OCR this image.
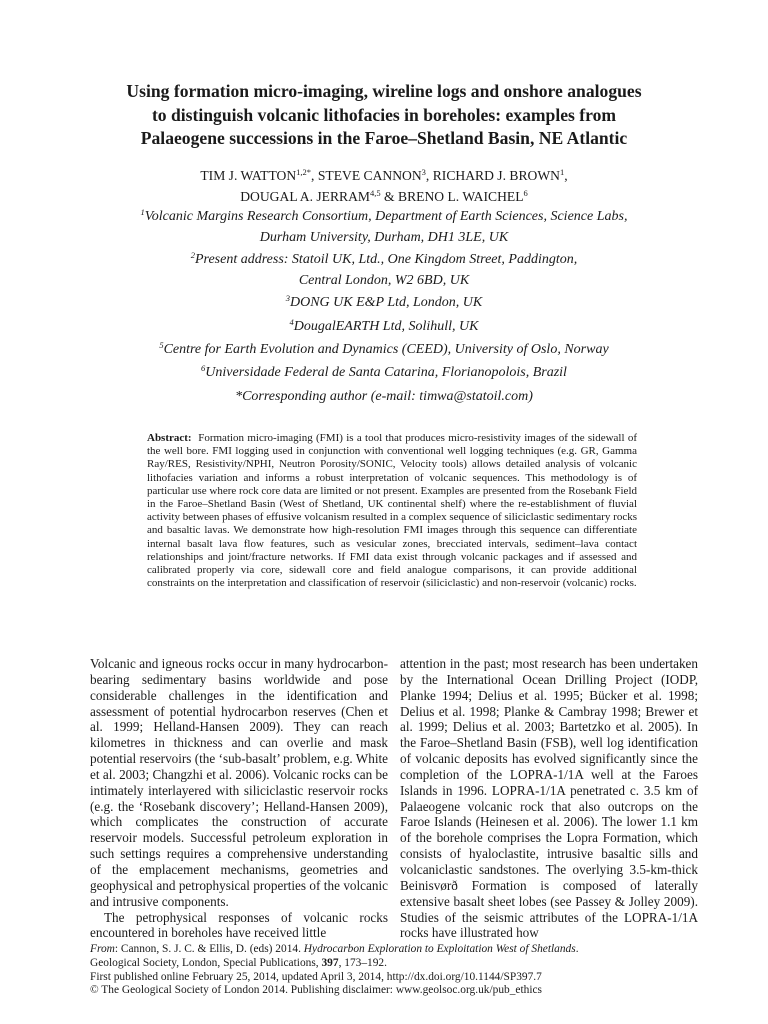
Using formation micro-imaging, wireline logs and onshore analogues
to distinguish volcanic lithofacies in boreholes: examples from
Palaeogene successions in the Faroe–Shetland Basin, NE Atlantic
TIM J. $WATTON^{1,2*}$, STEVE CANNON$^3$, RICHARD J. BROWN$^1$,
DOUGAL A. JERRAM$^{4,5}$ & BRENO L. WAICHEL$^6$
$^1$Volcanic Margins Research Consortium, Department of Earth Sciences, Science Labs,
Durham University, Durham, DH1 3LE, UK
$^2$Present address: Statoil UK, Ltd., One Kingdom Street, Paddington,
Central London, W2 6BD, UK
$^3$DONG UK E&P Ltd, London, UK
$^4$DougalEARTH Ltd, Solihull, UK
$^5$Centre for Earth Evolution and Dynamics (CEED), University of Oslo, Norway
$^6$Universidade Federal de Santa Catarina, Florianopolois, Brazil
*Corresponding author (e-mail: timwa@statoil.com)
Abstract: Formation micro-imaging (FMI) is a tool that produces micro-resistivity images of the sidewall of the well bore. FMI logging used in conjunction with conventional well logging techniques (e.g. GR, Gamma Ray/RES, Resistivity/NPHI, Neutron Porosity/SONIC, Velocity tools) allows detailed analysis of volcanic lithofacies variation and informs a robust interpretation of volcanic sequences. This methodology is of particular use where rock core data are limited or not present. Examples are presented from the Rosebank Field in the Faroe–Shetland Basin (West of Shetland, UK continental shelf) where the re-establishment of fluvial activity between phases of effusive volcanism resulted in a complex sequence of siliciclastic sedimentary rocks and basaltic lavas. We demonstrate how high-resolution FMI images through this sequence can differentiate internal basalt lava flow features, such as vesicular zones, brecciated intervals, sediment–lava contact relationships and joint/fracture networks. If FMI data exist through volcanic packages and if assessed and calibrated properly via core, sidewall core and field analogue comparisons, it can provide additional constraints on the interpretation and classification of reservoir (siliciclastic) and non-reservoir (volcanic) rocks.

Volcanic and igneous rocks occur in many hydrocarbon-bearing sedimentary basins worldwide and pose considerable challenges in the identification and assessment of potential hydrocarbon reserves (Chen et al. 1999; Helland-Hansen 2009). They can reach kilometres in thickness and can overlie and mask potential reservoirs (the ‘sub-basalt’ problem, e.g. White et al. 2003; Changzhi et al. 2006). Volcanic rocks can be intimately interlayered with siliciclastic reservoir rocks (e.g. the ‘Rosebank discovery’; Helland-Hansen 2009), which complicates the construction of accurate reservoir models. Successful petroleum exploration in such settings requires a comprehensive understanding of the emplacement mechanisms, geometries and geophysical and petrophysical properties of the volcanic and intrusive components.

The petrophysical responses of volcanic rocks encountered in boreholes have received little

attention in the past; most research has been undertaken by the International Ocean Drilling Project (IODP, Planke 1994; Delius et al. 1995; Bücker et al. 1998; Delius et al. 1998; Planke & Cambray 1998; Brewer et al. 1999; Delius et al. 2003; Bartetzko et al. 2005). In the Faroe–Shetland Basin (FSB), well log identification of volcanic deposits has evolved significantly since the completion of the LOPRA-1/1A well at the Faroes Islands in 1996. LOPRA-1/1A penetrated c. 3.5 km of Palaeogene volcanic rock that also outcrops on the Faroe Islands (Heinesen et al. 2006). The lower 1.1 km of the borehole comprises the Lopra Formation, which consists of hyaloclastite, intrusive basaltic sills and volcaniclastic sandstones. The overlying 3.5-km-thick Beinisvørð Formation is composed of laterally extensive basalt sheet lobes (see Passey & Jolley 2009). Studies of the seismic attributes of the LOPRA-1/1A rocks have illustrated how

From: Cannon, S. J. C. & Ellis, D. (eds) 2014. Hydrocarbon Exploration to Exploitation West of Shetlands.
Geological Society, London, Special Publications, 397, 173–192.
First published online February 25, 2014, updated April 3, 2014, http://dx.doi.org/10.1144/SP397.7
© The Geological Society of London 2014. Publishing disclaimer: www.geolsoc.org.uk/pub_ethics
